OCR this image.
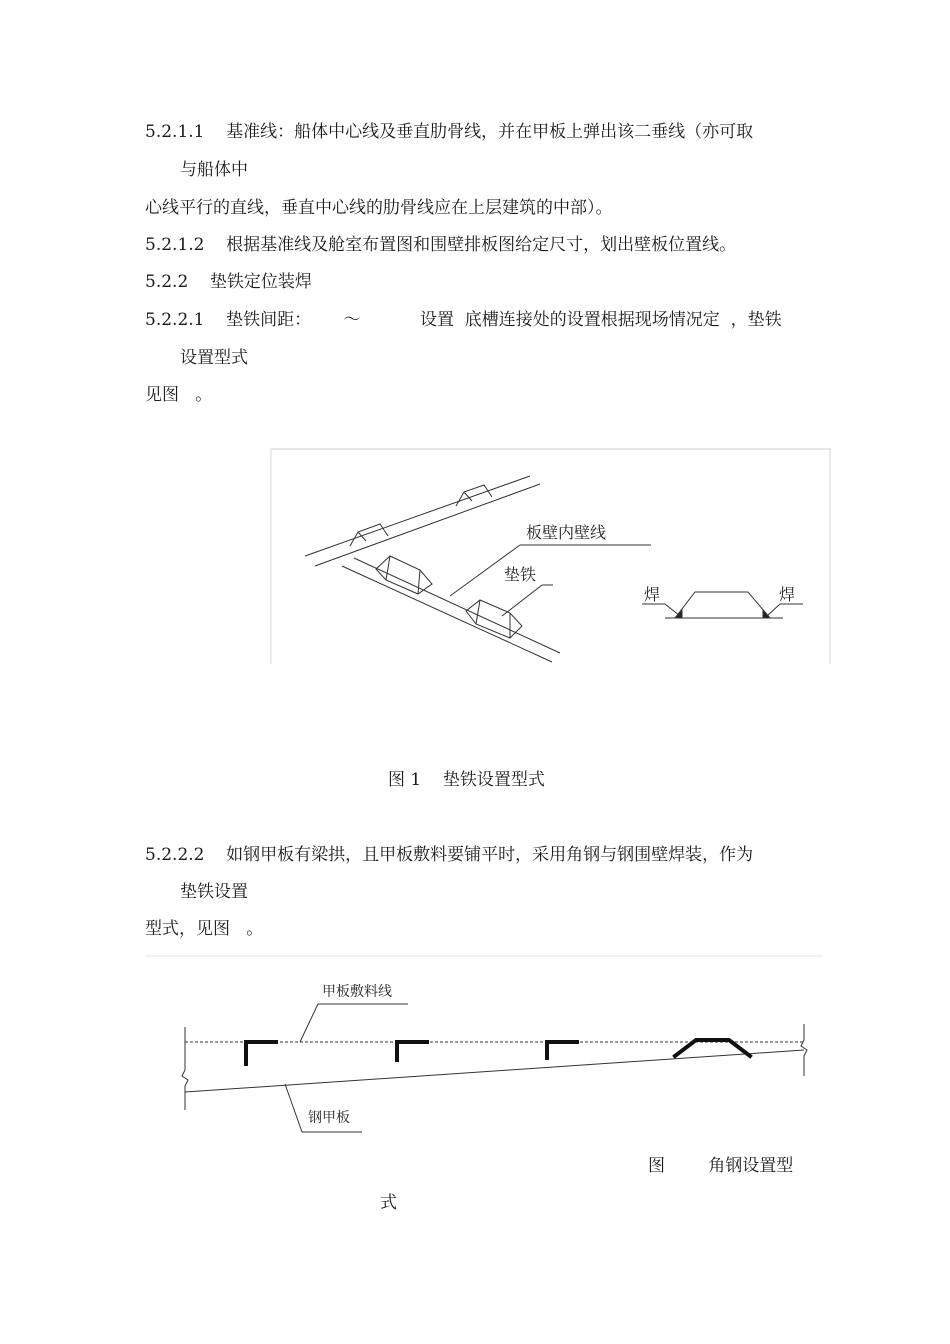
5.2.1.1    基准线：船体中心线及垂直肋骨线，并在甲板上弹出该二垂线（亦可取

与船体中

心线平行的直线，垂直中心线的肋骨线应在上层建筑的中部）。

5.2.1.2    根据基准线及舱室布置图和围壁排板图给定尺寸，划出壁板位置线。

5.2.2    垫铁定位装焊

5.2.2.1    垫铁间距：      ～           设置  底槽连接处的设置根据现场情况定  ，垫铁

设置型式

见图   。

板壁内壁线
垫铁
焊	焊

图 1    垫铁设置型式

5.2.2.2    如钢甲板有梁拱，且甲板敷料要铺平时，采用角钢与钢围壁焊装，作为

垫铁设置

型式，见图   。

甲板敷料线
钢甲板

图        角钢设置型

式
